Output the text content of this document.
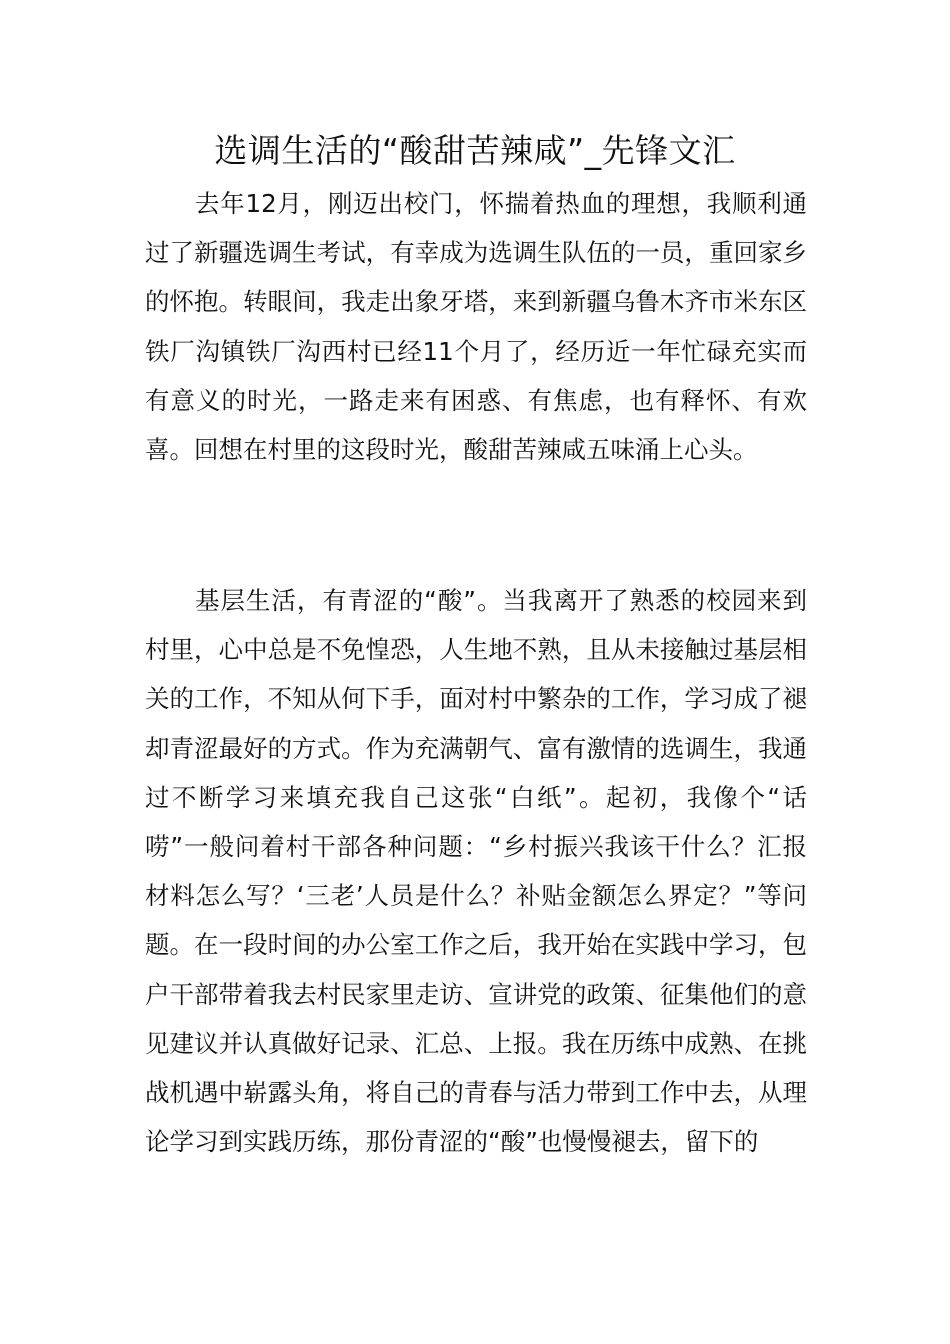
选调生活的“酸甜苦辣咸”_先锋文汇

去年12月，刚迈出校门，怀揣着热血的理想，我顺利通过了新疆选调生考试，有幸成为选调生队伍的一员，重回家乡的怀抱。转眼间，我走出象牙塔，来到新疆乌鲁木齐市米东区铁厂沟镇铁厂沟西村已经11个月了，经历近一年忙碌充实而有意义的时光，一路走来有困惑、有焦虑，也有释怀、有欢喜。回想在村里的这段时光，酸甜苦辣咸五味涌上心头。

基层生活，有青涩的“酸”。当我离开了熟悉的校园来到村里，心中总是不免惶恐，人生地不熟，且从未接触过基层相关的工作，不知从何下手，面对村中繁杂的工作，学习成了褪却青涩最好的方式。作为充满朝气、富有激情的选调生，我通过不断学习来填充我自己这张“白纸”。起初，我像个“话唠”一般问着村干部各种问题：“乡村振兴我该干什么？汇报材料怎么写？‘三老’人员是什么？补贴金额怎么界定？”等问题。在一段时间的办公室工作之后，我开始在实践中学习，包户干部带着我去村民家里走访、宣讲党的政策、征集他们的意见建议并认真做好记录、汇总、上报。我在历练中成熟、在挑战机遇中崭露头角，将自己的青春与活力带到工作中去，从理论学习到实践历练，那份青涩的“酸”也慢慢褪去，留下的
